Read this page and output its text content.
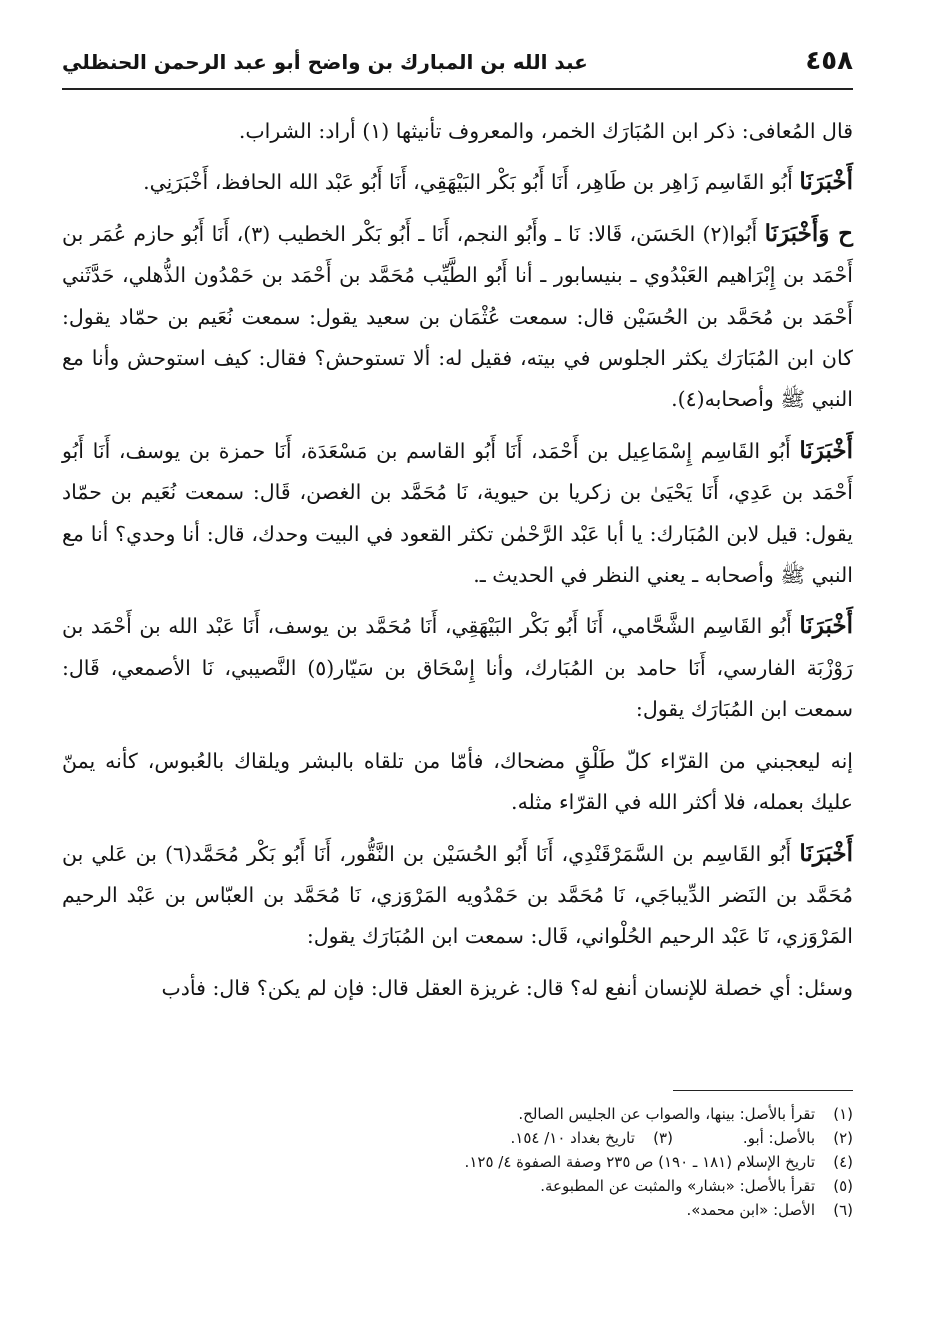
٤٥٨
عبد الله بن المبارك بن واضح أبو عبد الرحمن الحنظلي

قال المُعافى: ذكر ابن المُبَارَك الخمر، والمعروف تأنيثها (١) أراد: الشراب.

أَخْبَرَنَا أَبُو القَاسِم زَاهِر بن طَاهِر، أَنَا أَبُو بَكْر البَيْهَقِي، أَنَا أَبُو عَبْد الله الحافظ، أَخْبَرَنِي.

ح وَأَخْبَرَنَا أَبُوا(٢) الحَسَن، قَالا: نَا ـ وأَبُو النجم، أَنَا ـ أَبُو بَكْر الخطيب (٣)، أَنَا أَبُو حازم عُمَر بن أَحْمَد بن إِبْرَاهيم العَبْدُوي ـ بنيسابور ـ أنا أَبُو الطَّيِّب مُحَمَّد بن أَحْمَد بن حَمْدُون الذُّهلي، حَدَّثَني أَحْمَد بن مُحَمَّد بن الحُسَيْن قال: سمعت عُثْمَان بن سعيد يقول: سمعت نُعَيم بن حمّاد يقول: كان ابن المُبَارَك يكثر الجلوس في بيته، فقيل له: ألا تستوحش؟ فقال: كيف استوحش وأنا مع النبي ﷺ وأصحابه(٤).

أَخْبَرَنَا أَبُو القَاسِم إِسْمَاعِيل بن أَحْمَد، أَنَا أَبُو القاسم بن مَسْعَدَة، أَنَا حمزة بن يوسف، أَنَا أَبُو أَحْمَد بن عَدِي، أَنَا يَحْيَىٰ بن زكريا بن حيوية، نَا مُحَمَّد بن الغصن، قَال: سمعت نُعَيم بن حمّاد يقول: قيل لابن المُبَارك: يا أبا عَبْد الرَّحْمٰن تكثر القعود في البيت وحدك، قال: أنا وحدي؟ أنا مع النبي ﷺ وأصحابه ـ يعني النظر في الحديث ـ.

أَخْبَرَنَا أَبُو القَاسِم الشَّحَّامي، أَنَا أَبُو بَكْر البَيْهَقِي، أَنَا مُحَمَّد بن يوسف، أَنَا عَبْد الله بن أَحْمَد بن رَوْزْبَة الفارسي، أَنَا حامد بن المُبَارك، وأنا إِسْحَاق بن سَيّار(٥) النَّصيبي، نَا الأصمعي، قَال: سمعت ابن المُبَارَك يقول:

إنه ليعجبني من القرّاء كلّ طَلْقٍ مضحاك، فأمّا من تلقاه بالبشر ويلقاك بالعُبوس، كأنه يمنّ عليك بعمله، فلا أكثر الله في القرّاء مثله.

أَخْبَرَنَا أَبُو القَاسِم بن السَّمَرْقَنْدِي، أَنَا أَبُو الحُسَيْن بن النَّقُّور، أَنَا أَبُو بَكْر مُحَمَّد(٦) بن عَلي بن مُحَمَّد بن النَضر الدِّيباجَي، نَا مُحَمَّد بن حَمْدُويه المَرْوَزي، نَا مُحَمَّد بن العبّاس بن عَبْد الرحيم المَرْوَزي، نَا عَبْد الرحيم الحُلْواني، قَال: سمعت ابن المُبَارَك يقول:

وسئل: أي خصلة للإنسان أنفع له؟ قال: غريزة العقل قال: فإن لم يكن؟ قال: فأدب

(١)تقرأ بالأصل: بينها، والصواب عن الجليس الصالح.
(٢)بالأصل: أبو.(٣)تاريخ بغداد ١٠/ ١٥٤.
(٤)تاريخ الإسلام (١٨١ ـ ١٩٠) ص ٢٣٥ وصفة الصفوة ٤/ ١٢٥.
(٥)تقرأ بالأصل: «بشار» والمثبت عن المطبوعة.
(٦)الأصل: «ابن محمد».
